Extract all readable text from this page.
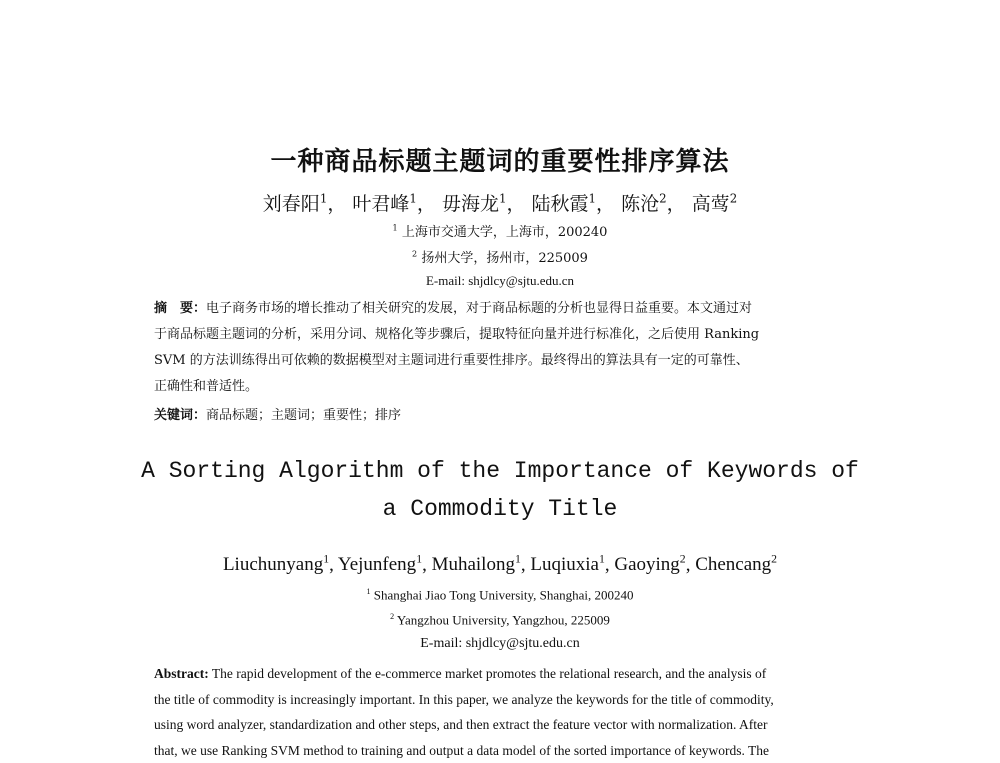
一种商品标题主题词的重要性排序算法
刘春阳$^1$， 叶君峰$^1$， 毋海龙$^1$， 陆秋霞$^1$， 陈沧$^2$， 高莺$^2$
$^1$ 上海市交通大学，上海市，200240
$^2$ 扬州大学，扬州市，225009
E-mail: shjdlcy@sjtu.edu.cn
摘　要：电子商务市场的增长推动了相关研究的发展，对于商品标题的分析也显得日益重要。本文通过对
于商品标题主题词的分析，采用分词、规格化等步骤后，提取特征向量并进行标准化，之后使用 Ranking
SVM 的方法训练得出可依赖的数据模型对主题词进行重要性排序。最终得出的算法具有一定的可靠性、
正确性和普适性。
关键词：商品标题；主题词；重要性；排序
A Sorting Algorithm of the Importance of Keywords of
a Commodity Title
Liuchunyang$^1$, Yejunfeng$^1$, Muhailong$^1$, Luqiuxia$^1$, Gaoying$^2$, Chencang$^2$
$^1$ Shanghai Jiao Tong University, Shanghai, 200240
$^2$ Yangzhou University, Yangzhou, 225009
E-mail: shjdlcy@sjtu.edu.cn
Abstract: The rapid development of the e-commerce market promotes the relational research, and the analysis of
the title of commodity is increasingly important. In this paper, we analyze the keywords for the title of commodity,
using word analyzer, standardization and other steps, and then extract the feature vector with normalization. After
that, we use Ranking SVM method to training and output a data model of the sorted importance of keywords. The
